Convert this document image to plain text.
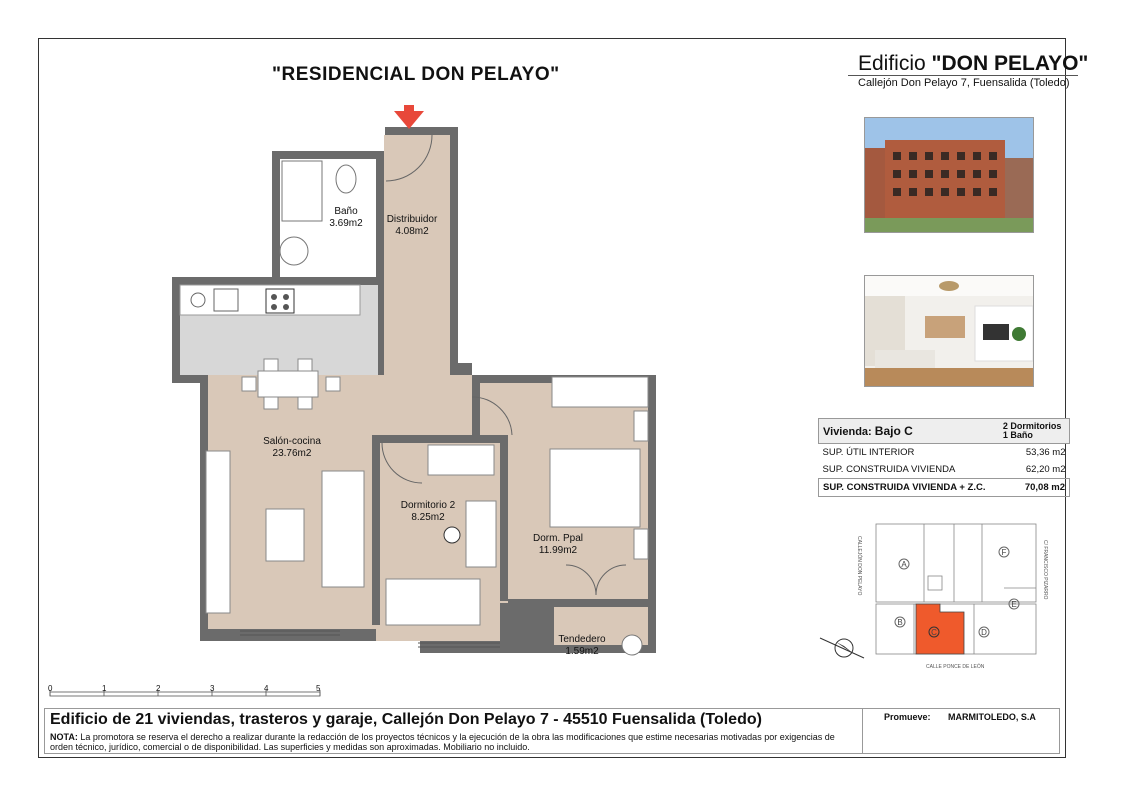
"RESIDENCIAL DON PELAYO"	Edificio "DON PELAYO"
Callejón Don Pelayo 7, Fuensalida (Toledo)
Vivienda: Bajo C	2 Dormitorios
1 Baño
SUP. ÚTIL INTERIOR	53,36 m2
SUP. CONSTRUIDA VIVIENDA	62,20 m2
SUP. CONSTRUIDA VIVIENDA + Z.C.	70,08 m2
A
F
B
C	D
E
CALLEJÓN DON PELAYO	C/ FRANCISCO PIZARRO
CALLE PONCE DE LEÓN
Baño
3.69m2	Distribuidor
4.08m2
Salón-cocina
23.76m2
Dormitorio 2
8.25m2
Dorm. Ppal
11.99m2
Tendedero
1.59m2
0	1	2	3	4	5
Edificio de 21 viviendas, trasteros y garaje, Callejón Don Pelayo 7 - 45510 Fuensalida (Toledo)
NOTA: La promotora se reserva el derecho a realizar durante la redacción de los proyectos técnicos y la ejecución de la obra las modificaciones que estime necesarias motivadas por exigencias de orden técnico, jurídico, comercial o de disponibilidad. Las superficies y medidas son aproximadas. Mobiliario no incluido.
Promueve: MARMITOLEDO, S.A
